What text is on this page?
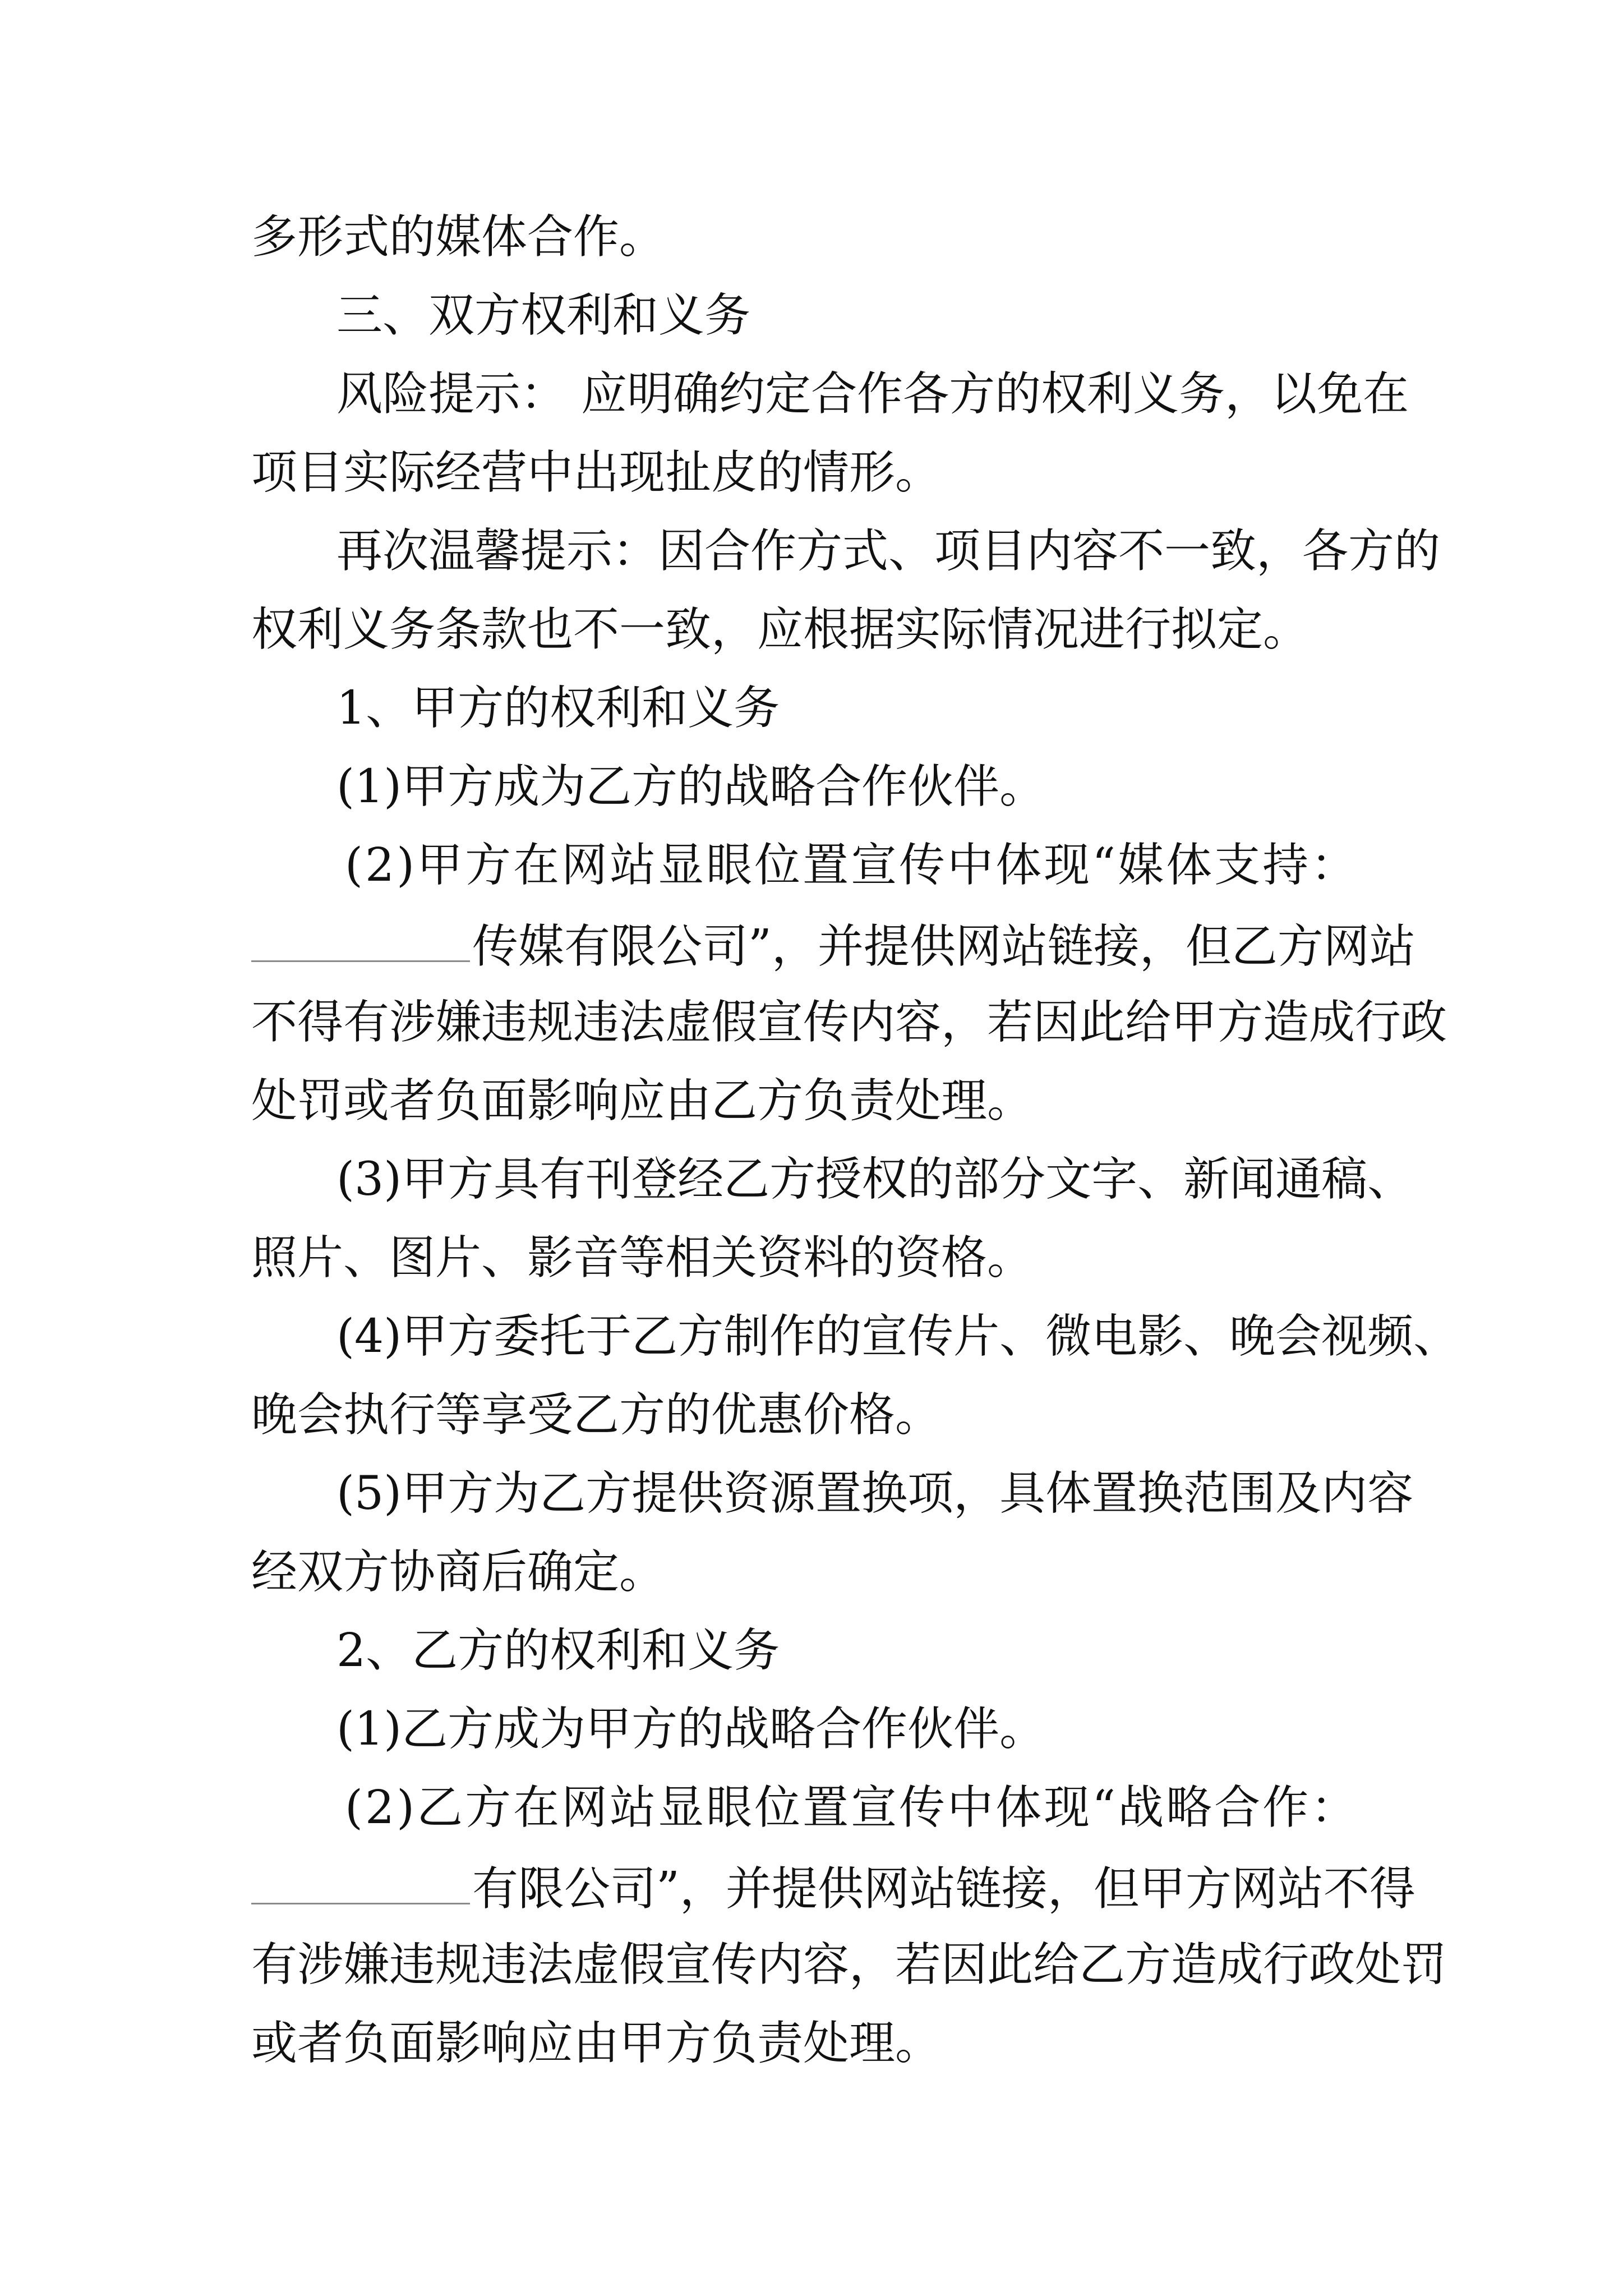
多形式的媒体合作。
三、双方权利和义务
风险提示： 应明确约定合作各方的权利义务，以免在
项目实际经营中出现扯皮的情形。
再次温馨提示：因合作方式、项目内容不一致，各方的
权利义务条款也不一致，应根据实际情况进行拟定。
1、甲方的权利和义务
(1)甲方成为乙方的战略合作伙伴。
(2)甲方在网站显眼位置宣传中体现“媒体支持：
传媒有限公司”，并提供网站链接，但乙方网站
不得有涉嫌违规违法虚假宣传内容，若因此给甲方造成行政
处罚或者负面影响应由乙方负责处理。
(3)甲方具有刊登经乙方授权的部分文字、新闻通稿、
照片、图片、影音等相关资料的资格。
(4)甲方委托于乙方制作的宣传片、微电影、晚会视频、
晚会执行等享受乙方的优惠价格。
(5)甲方为乙方提供资源置换项，具体置换范围及内容
经双方协商后确定。
2、乙方的权利和义务
(1)乙方成为甲方的战略合作伙伴。
(2)乙方在网站显眼位置宣传中体现“战略合作：
有限公司”，并提供网站链接，但甲方网站不得
有涉嫌违规违法虚假宣传内容，若因此给乙方造成行政处罚
或者负面影响应由甲方负责处理。
